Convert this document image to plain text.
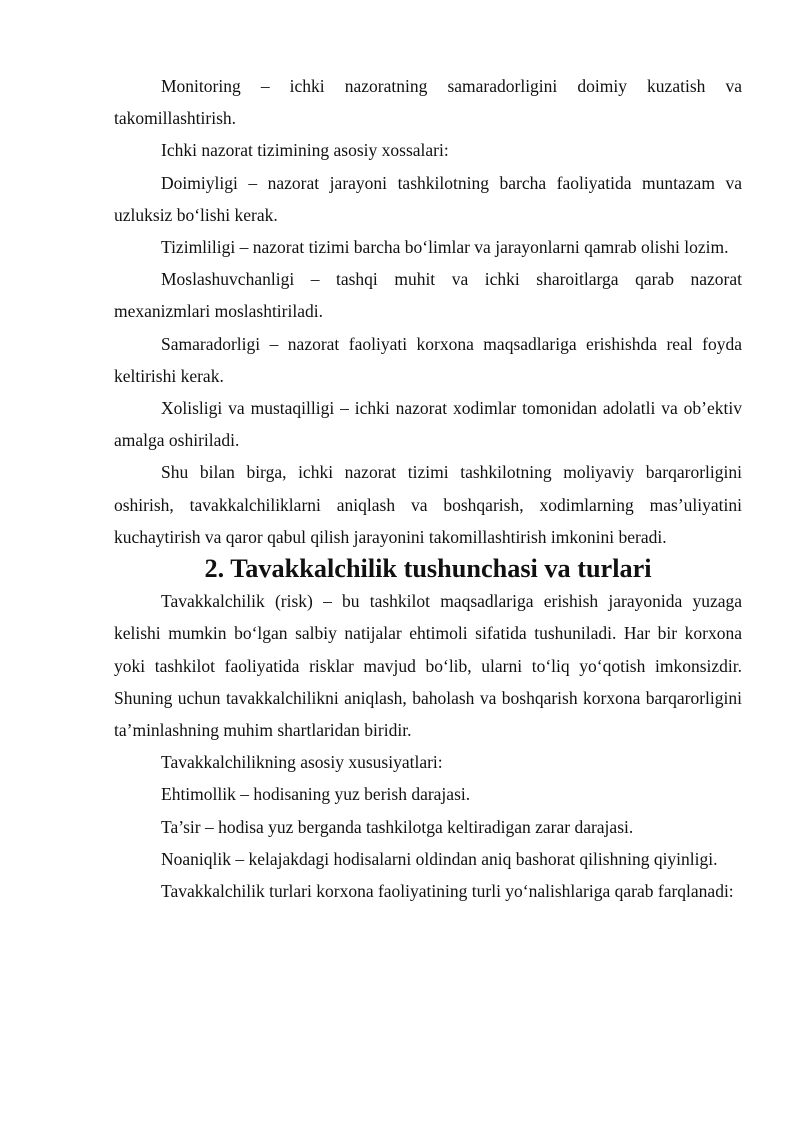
Monitoring – ichki nazoratning samaradorligini doimiy kuzatish va takomillashtirish.

Ichki nazorat tizimining asosiy xossalari:

Doimiyligi – nazorat jarayoni tashkilotning barcha faoliyatida muntazam va uzluksiz bo‘lishi kerak.

Tizimliligi – nazorat tizimi barcha bo‘limlar va jarayonlarni qamrab olishi lozim.

Moslashuvchanligi – tashqi muhit va ichki sharoitlarga qarab nazorat mexanizmlari moslashtiriladi.

Samaradorligi – nazorat faoliyati korxona maqsadlariga erishishda real foyda keltirishi kerak.

Xolisligi va mustaqilligi – ichki nazorat xodimlar tomonidan adolatli va ob’ektiv amalga oshiriladi.

Shu bilan birga, ichki nazorat tizimi tashkilotning moliyaviy barqarorligini oshirish, tavakkalchiliklarni aniqlash va boshqarish, xodimlarning mas’uliyatini kuchaytirish va qaror qabul qilish jarayonini takomillashtirish imkonini beradi.

2. Tavakkalchilik tushunchasi va turlari

Tavakkalchilik (risk) – bu tashkilot maqsadlariga erishish jarayonida yuzaga kelishi mumkin bo‘lgan salbiy natijalar ehtimoli sifatida tushuniladi. Har bir korxona yoki tashkilot faoliyatida risklar mavjud bo‘lib, ularni to‘liq yo‘qotish imkonsizdir. Shuning uchun tavakkalchilikni aniqlash, baholash va boshqarish korxona barqarorligini ta’minlashning muhim shartlaridan biridir.

Tavakkalchilikning asosiy xususiyatlari:

Ehtimollik – hodisaning yuz berish darajasi.

Ta’sir – hodisa yuz berganda tashkilotga keltiradigan zarar darajasi.

Noaniqlik – kelajakdagi hodisalarni oldindan aniq bashorat qilishning qiyinligi.

Tavakkalchilik turlari korxona faoliyatining turli yo‘nalishlariga qarab farqlanadi:
